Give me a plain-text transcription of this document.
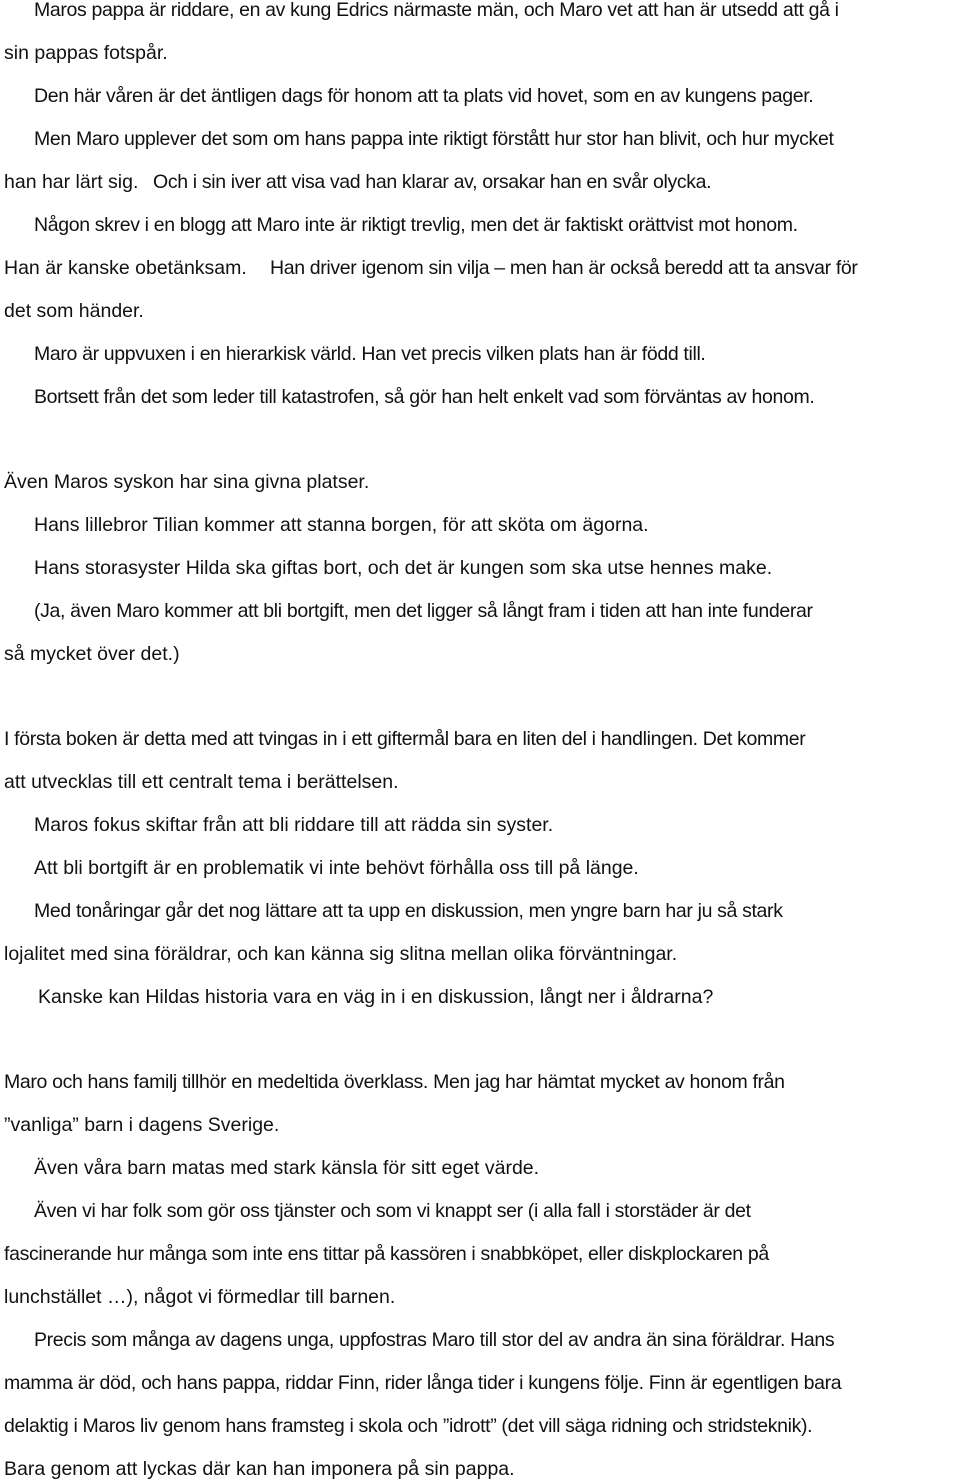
Maros pappa är riddare, en av kung Edrics närmaste män, och Maro vet att han är utsedd att gå i

sin pappas fotspår.

Den här våren är det äntligen dags för honom att ta plats vid hovet, som en av kungens pager.

Men Maro upplever det som om hans pappa inte riktigt förstått hur stor han blivit, och hur mycket

han har lärt sig. Och i sin iver att visa vad han klarar av, orsakar han en svår olycka.

Någon skrev i en blogg att Maro inte är riktigt trevlig, men det är faktiskt orättvist mot honom.

Han är kanske obetänksam. Han driver igenom sin vilja – men han är också beredd att ta ansvar för

det som händer.

Maro är uppvuxen i en hierarkisk värld. Han vet precis vilken plats han är född till.

Bortsett från det som leder till katastrofen, så gör han helt enkelt vad som förväntas av honom.

Även Maros syskon har sina givna platser.

Hans lillebror Tilian kommer att stanna borgen, för att sköta om ägorna.

Hans storasyster Hilda ska giftas bort, och det är kungen som ska utse hennes make.

(Ja, även Maro kommer att bli bortgift, men det ligger så långt fram i tiden att han inte funderar

så mycket över det.)

I första boken är detta med att tvingas in i ett giftermål bara en liten del i handlingen. Det kommer

att utvecklas till ett centralt tema i berättelsen.

Maros fokus skiftar från att bli riddare till att rädda sin syster.

Att bli bortgift är en problematik vi inte behövt förhålla oss till på länge.

Med tonåringar går det nog lättare att ta upp en diskussion, men yngre barn har ju så stark

lojalitet med sina föräldrar, och kan känna sig slitna mellan olika förväntningar.

Kanske kan Hildas historia vara en väg in i en diskussion, långt ner i åldrarna?

Maro och hans familj tillhör en medeltida överklass. Men jag har hämtat mycket av honom från

”vanliga” barn i dagens Sverige.

Även våra barn matas med stark känsla för sitt eget värde.

Även vi har folk som gör oss tjänster och som vi knappt ser (i alla fall i storstäder är det

fascinerande hur många som inte ens tittar på kassören i snabbköpet, eller diskplockaren på

lunchstället …), något vi förmedlar till barnen.

Precis som många av dagens unga, uppfostras Maro till stor del av andra än sina föräldrar. Hans

mamma är död, och hans pappa, riddar Finn, rider långa tider i kungens följe. Finn är egentligen bara

delaktig i Maros liv genom hans framsteg i skola och ”idrott” (det vill säga ridning och stridsteknik).

Bara genom att lyckas där kan han imponera på sin pappa.
